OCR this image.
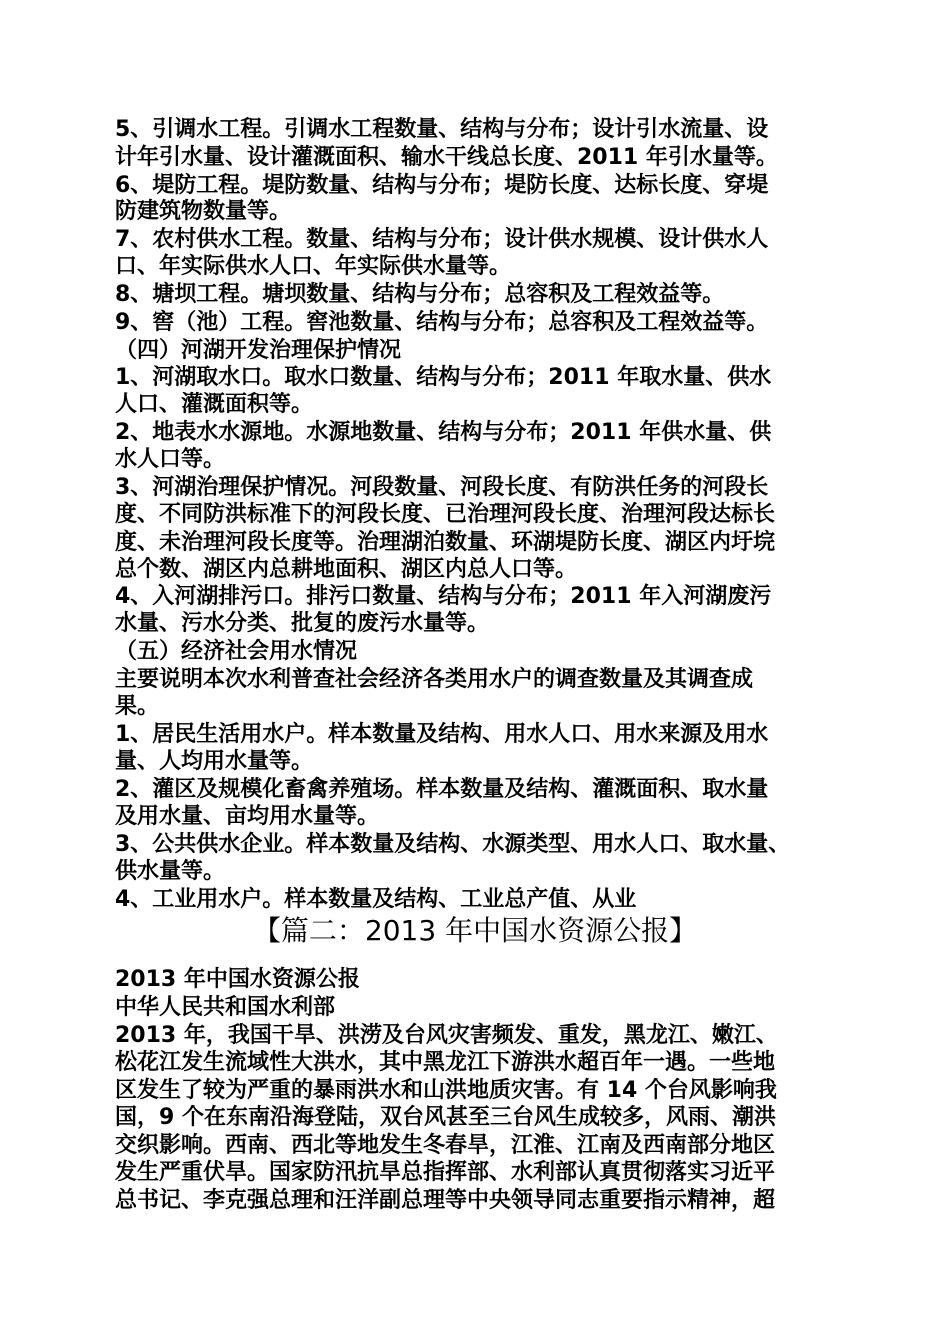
5、引调水工程。引调水工程数量、结构与分布；设计引水流量、设
计年引水量、设计灌溉面积、输水干线总长度、2011 年引水量等。
6、堤防工程。堤防数量、结构与分布；堤防长度、达标长度、穿堤
防建筑物数量等。
7、农村供水工程。数量、结构与分布；设计供水规模、设计供水人
口、年实际供水人口、年实际供水量等。
8、塘坝工程。塘坝数量、结构与分布；总容积及工程效益等。
9、窖（池）工程。窖池数量、结构与分布；总容积及工程效益等。
（四）河湖开发治理保护情况
1、河湖取水口。取水口数量、结构与分布；2011 年取水量、供水
人口、灌溉面积等。
2、地表水水源地。水源地数量、结构与分布；2011 年供水量、供
水人口等。
3、河湖治理保护情况。河段数量、河段长度、有防洪任务的河段长
度、不同防洪标准下的河段长度、已治理河段长度、治理河段达标长
度、未治理河段长度等。治理湖泊数量、环湖堤防长度、湖区内圩垸
总个数、湖区内总耕地面积、湖区内总人口等。
4、入河湖排污口。排污口数量、结构与分布；2011 年入河湖废污
水量、污水分类、批复的废污水量等。
（五）经济社会用水情况
主要说明本次水利普查社会经济各类用水户的调查数量及其调查成
果。
1、居民生活用水户。样本数量及结构、用水人口、用水来源及用水
量、人均用水量等。
2、灌区及规模化畜禽养殖场。样本数量及结构、灌溉面积、取水量
及用水量、亩均用水量等。
3、公共供水企业。样本数量及结构、水源类型、用水人口、取水量、
供水量等。
4、工业用水户。样本数量及结构、工业总产值、从业
【篇二：2013 年中国水资源公报】
2013 年中国水资源公报
中华人民共和国水利部
2013 年，我国干旱、洪涝及台风灾害频发、重发，黑龙江、嫩江、
松花江发生流域性大洪水，其中黑龙江下游洪水超百年一遇。一些地
区发生了较为严重的暴雨洪水和山洪地质灾害。有 14 个台风影响我
国，9 个在东南沿海登陆，双台风甚至三台风生成较多，风雨、潮洪
交织影响。西南、西北等地发生冬春旱，江淮、江南及西南部分地区
发生严重伏旱。国家防汛抗旱总指挥部、水利部认真贯彻落实习近平
总书记、李克强总理和汪洋副总理等中央领导同志重要指示精神，超
